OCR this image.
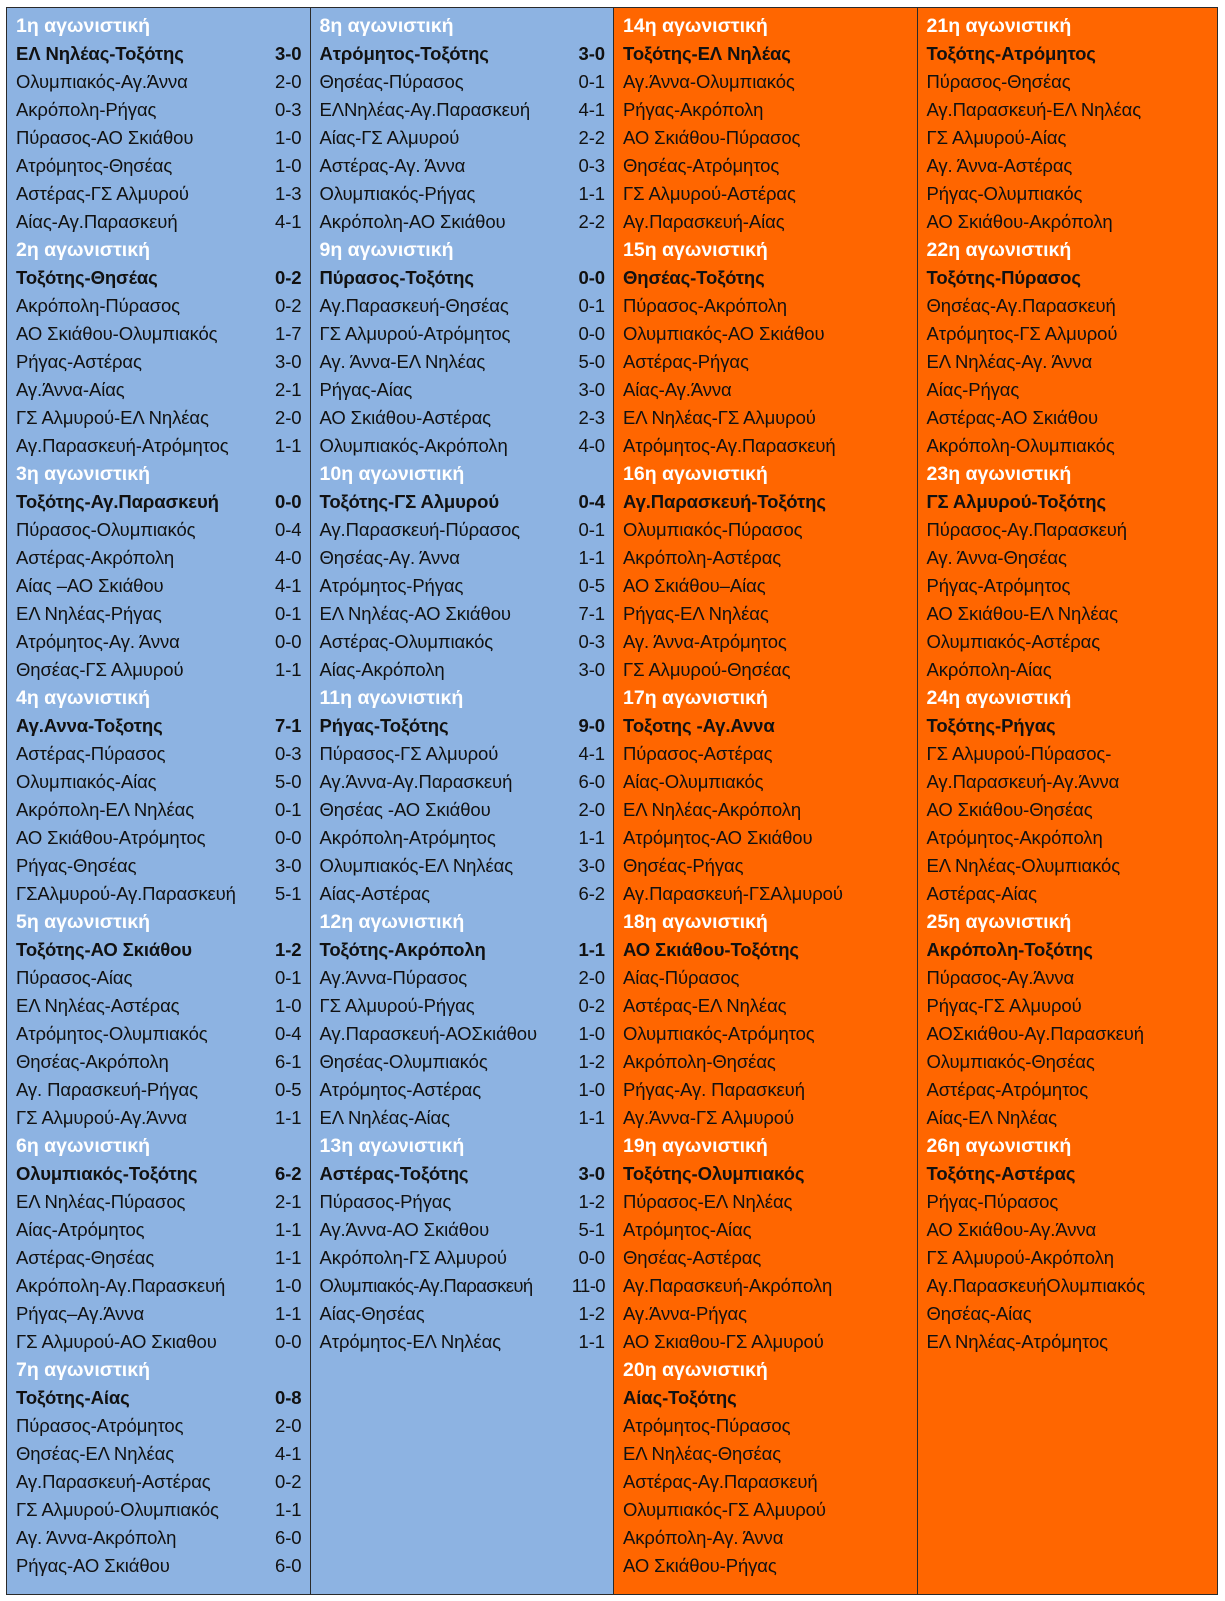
1η αγωνιστική
ΕΛ Νηλέας-Τοξότης	3-0
Ολυμπιακός-Αγ.Άννα	2-0
Ακρόπολη-Ρήγας	0-3
Πύρασος-ΑΟ Σκιάθου	1-0
Ατρόμητος-Θησέας	1-0
Αστέρας-ΓΣ Αλμυρού	1-3
Αίας-Αγ.Παρασκευή	4-1
2η αγωνιστική
Τοξότης-Θησέας	0-2
Ακρόπολη-Πύρασος	0-2
ΑΟ Σκιάθου-Ολυμπιακός	1-7
Ρήγας-Αστέρας	3-0
Αγ.Άννα-Αίας	2-1
ΓΣ Αλμυρού-ΕΛ Νηλέας	2-0
Αγ.Παρασκευή-Ατρόμητος	1-1
3η αγωνιστική
Τοξότης-Αγ.Παρασκευή	0-0
Πύρασος-Ολυμπιακός	0-4
Αστέρας-Ακρόπολη	4-0
Αίας –ΑΟ Σκιάθου	4-1
ΕΛ Νηλέας-Ρήγας	0-1
Ατρόμητος-Αγ. Άννα	0-0
Θησέας-ΓΣ Αλμυρού	1-1
4η αγωνιστική
Αγ.Αννα-Τοξοτης	7-1
Αστέρας-Πύρασος	0-3
Ολυμπιακός-Αίας	5-0
Ακρόπολη-ΕΛ Νηλέας	0-1
ΑΟ Σκιάθου-Ατρόμητος	0-0
Ρήγας-Θησέας	3-0
ΓΣΑλμυρού-Αγ.Παρασκευή 5-1
5η αγωνιστική
Τοξότης-ΑΟ Σκιάθου	1-2
Πύρασος-Αίας	0-1
ΕΛ Νηλέας-Αστέρας	1-0
Ατρόμητος-Ολυμπιακός	0-4
Θησέας-Ακρόπολη	6-1
Αγ. Παρασκευή-Ρήγας	0-5
ΓΣ Αλμυρού-Αγ.Άννα	1-1
6η αγωνιστική
Ολυμπιακός-Τοξότης	6-2
ΕΛ Νηλέας-Πύρασος	2-1
Αίας-Ατρόμητος	1-1
Αστέρας-Θησέας	1-1
Ακρόπολη-Αγ.Παρασκευή	1-0
Ρήγας–Αγ.Άννα	1-1
ΓΣ Αλμυρού-ΑΟ Σκιαθου	0-0
7η αγωνιστική
Τοξότης-Αίας	0-8
Πύρασος-Ατρόμητος	2-0
Θησέας-ΕΛ Νηλέας	4-1
Αγ.Παρασκευή-Αστέρας	0-2
ΓΣ Αλμυρού-Ολυμπιακός	1-1
Αγ. Άννα-Ακρόπολη	6-0
Ρήγας-ΑΟ Σκιάθου	6-0
8η αγωνιστική
Ατρόμητος-Τοξότης	3-0
Θησέας-Πύρασος	0-1
ΕΛΝηλέας-Αγ.Παρασκευή	4-1
Αίας-ΓΣ Αλμυρού	2-2
Αστέρας-Αγ. Άννα	0-3
Ολυμπιακός-Ρήγας	1-1
Ακρόπολη-ΑΟ Σκιάθου	2-2
9η αγωνιστική
Πύρασος-Τοξότης	0-0
Αγ.Παρασκευή-Θησέας	0-1
ΓΣ Αλμυρού-Ατρόμητος	0-0
Αγ. Άννα-ΕΛ Νηλέας	5-0
Ρήγας-Αίας	3-0
ΑΟ Σκιάθου-Αστέρας	2-3
Ολυμπιακός-Ακρόπολη	4-0
10η αγωνιστική
Τοξότης-ΓΣ Αλμυρού	0-4
Αγ.Παρασκευή-Πύρασος	0-1
Θησέας-Αγ. Άννα	1-1
Ατρόμητος-Ρήγας	0-5
ΕΛ Νηλέας-ΑΟ Σκιάθου	7-1
Αστέρας-Ολυμπιακός	0-3
Αίας-Ακρόπολη	3-0
11η αγωνιστική
Ρήγας-Τοξότης	9-0
Πύρασος-ΓΣ Αλμυρού	4-1
Αγ.Άννα-Αγ.Παρασκευή	6-0
Θησέας -ΑΟ Σκιάθου	2-0
Ακρόπολη-Ατρόμητος	1-1
Ολυμπιακός-ΕΛ Νηλέας	3-0
Αίας-Αστέρας	6-2
12η αγωνιστική
Τοξότης-Ακρόπολη	1-1
Αγ.Άννα-Πύρασος	2-0
ΓΣ Αλμυρού-Ρήγας	0-2
Αγ.Παρασκευή-ΑΟΣκιάθου 1-0
Θησέας-Ολυμπιακός	1-2
Ατρόμητος-Αστέρας	1-0
ΕΛ Νηλέας-Αίας	1-1
13η αγωνιστική
Αστέρας-Τοξότης	3-0
Πύρασος-Ρήγας	1-2
Αγ.Άννα-ΑΟ Σκιάθου	5-1
Ακρόπολη-ΓΣ Αλμυρού	0-0
Ολυμπιακός-Αγ.Παρασκευή 11-0
Αίας-Θησέας	1-2
Ατρόμητος-ΕΛ Νηλέας	1-1
14η αγωνιστική
Τοξότης-ΕΛ Νηλέας
Αγ.Άννα-Ολυμπιακός
Ρήγας-Ακρόπολη
ΑΟ Σκιάθου-Πύρασος
Θησέας-Ατρόμητος
ΓΣ Αλμυρού-Αστέρας
Αγ.Παρασκευή-Αίας
15η αγωνιστική
Θησέας-Τοξότης
Πύρασος-Ακρόπολη
Ολυμπιακός-ΑΟ Σκιάθου
Αστέρας-Ρήγας
Αίας-Αγ.Άννα
ΕΛ Νηλέας-ΓΣ Αλμυρού
Ατρόμητος-Αγ.Παρασκευή
16η αγωνιστική
Αγ.Παρασκευή-Τοξότης
Ολυμπιακός-Πύρασος
Ακρόπολη-Αστέρας
ΑΟ Σκιάθου–Αίας
Ρήγας-ΕΛ Νηλέας
Αγ. Άννα-Ατρόμητος
ΓΣ Αλμυρού-Θησέας
17η αγωνιστική
Τοξοτης -Αγ.Αννα
Πύρασος-Αστέρας
Αίας-Ολυμπιακός
ΕΛ Νηλέας-Ακρόπολη
Ατρόμητος-ΑΟ Σκιάθου
Θησέας-Ρήγας
Αγ.Παρασκευή-ΓΣΑλμυρού
18η αγωνιστική
ΑΟ Σκιάθου-Τοξότης
Αίας-Πύρασος
Αστέρας-ΕΛ Νηλέας
Ολυμπιακός-Ατρόμητος
Ακρόπολη-Θησέας
Ρήγας-Αγ. Παρασκευή
Αγ.Άννα-ΓΣ Αλμυρού
19η αγωνιστική
Τοξότης-Ολυμπιακός
Πύρασος-ΕΛ Νηλέας
Ατρόμητος-Αίας
Θησέας-Αστέρας
Αγ.Παρασκευή-Ακρόπολη
Αγ.Άννα-Ρήγας
ΑΟ Σκιαθου-ΓΣ Αλμυρού
20η αγωνιστική
Αίας-Τοξότης
Ατρόμητος-Πύρασος
ΕΛ Νηλέας-Θησέας
Αστέρας-Αγ.Παρασκευή
Ολυμπιακός-ΓΣ Αλμυρού
Ακρόπολη-Αγ. Άννα
ΑΟ Σκιάθου-Ρήγας
21η αγωνιστική
Τοξότης-Ατρόμητος
Πύρασος-Θησέας
Αγ.Παρασκευή-ΕΛ Νηλέας
ΓΣ Αλμυρού-Αίας
Αγ. Άννα-Αστέρας
Ρήγας-Ολυμπιακός
ΑΟ Σκιάθου-Ακρόπολη
22η αγωνιστική
Τοξότης-Πύρασος
Θησέας-Αγ.Παρασκευή
Ατρόμητος-ΓΣ Αλμυρού
ΕΛ Νηλέας-Αγ. Άννα
Αίας-Ρήγας
Αστέρας-ΑΟ Σκιάθου
Ακρόπολη-Ολυμπιακός
23η αγωνιστική
ΓΣ Αλμυρού-Τοξότης
Πύρασος-Αγ.Παρασκευή
Αγ. Άννα-Θησέας
Ρήγας-Ατρόμητος
ΑΟ Σκιάθου-ΕΛ Νηλέας
Ολυμπιακός-Αστέρας
Ακρόπολη-Αίας
24η αγωνιστική
Τοξότης-Ρήγας
ΓΣ Αλμυρού-Πύρασος-
Αγ.Παρασκευή-Αγ.Άννα
ΑΟ Σκιάθου-Θησέας
Ατρόμητος-Ακρόπολη
ΕΛ Νηλέας-Ολυμπιακός
Αστέρας-Αίας
25η αγωνιστική
Ακρόπολη-Τοξότης
Πύρασος-Αγ.Άννα
Ρήγας-ΓΣ Αλμυρού
ΑΟΣκιάθου-Αγ.Παρασκευή
Ολυμπιακός-Θησέας
Αστέρας-Ατρόμητος
Αίας-ΕΛ Νηλέας
26η αγωνιστική
Τοξότης-Αστέρας
Ρήγας-Πύρασος
ΑΟ Σκιάθου-Αγ.Άννα
ΓΣ Αλμυρού-Ακρόπολη
Αγ.ΠαρασκευήΟλυμπιακός
Θησέας-Αίας
ΕΛ Νηλέας-Ατρόμητος
